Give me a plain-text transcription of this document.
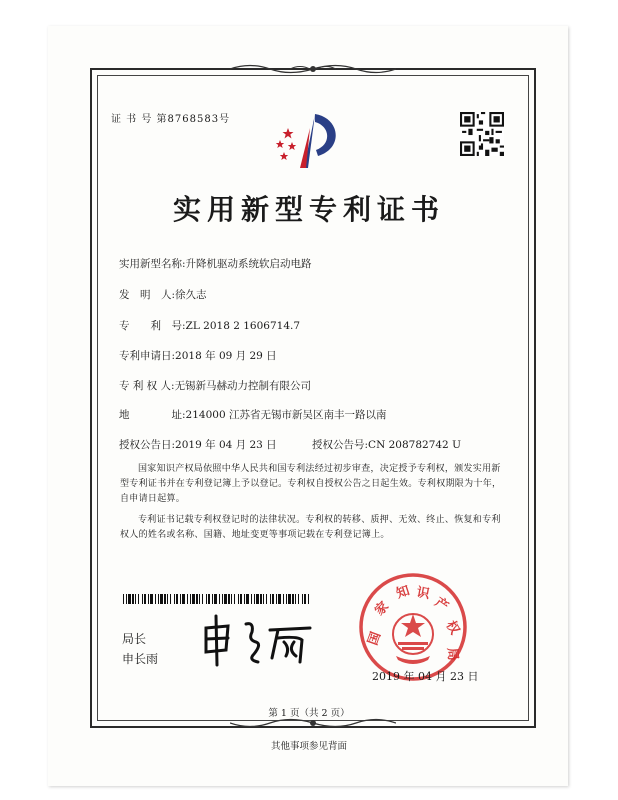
证 书 号 第8768583号
实用新型专利证书
实用新型名称:升降机驱动系统软启动电路
发　明　人:徐久志
专　　利　号:ZL 2018 2 1606714.7
专利申请日:2018 年 09 月 29 日
专 利 权 人:无锡新马赫动力控制有限公司
地　　　　址:214000 江苏省无锡市新吴区南丰一路以南
授权公告日:2019 年 04 月 23 日	授权公告号:CN 208782742 U
国家知识产权局依照中华人民共和国专利法经过初步审查，决定授予专利权，颁发实用新型专利证书并在专利登记簿上予以登记。专利权自授权公告之日起生效。专利权期限为十年，自申请日起算。
专利证书记载专利权登记时的法律状况。专利权的转移、质押、无效、终止、恢复和专利权人的姓名或名称、国籍、地址变更等事项记载在专利登记簿上。
局长
申长雨
国
家
知 识
产
权
局
2019 年 04 月 23 日
第 1 页（共 2 页）
其他事项参见背面
